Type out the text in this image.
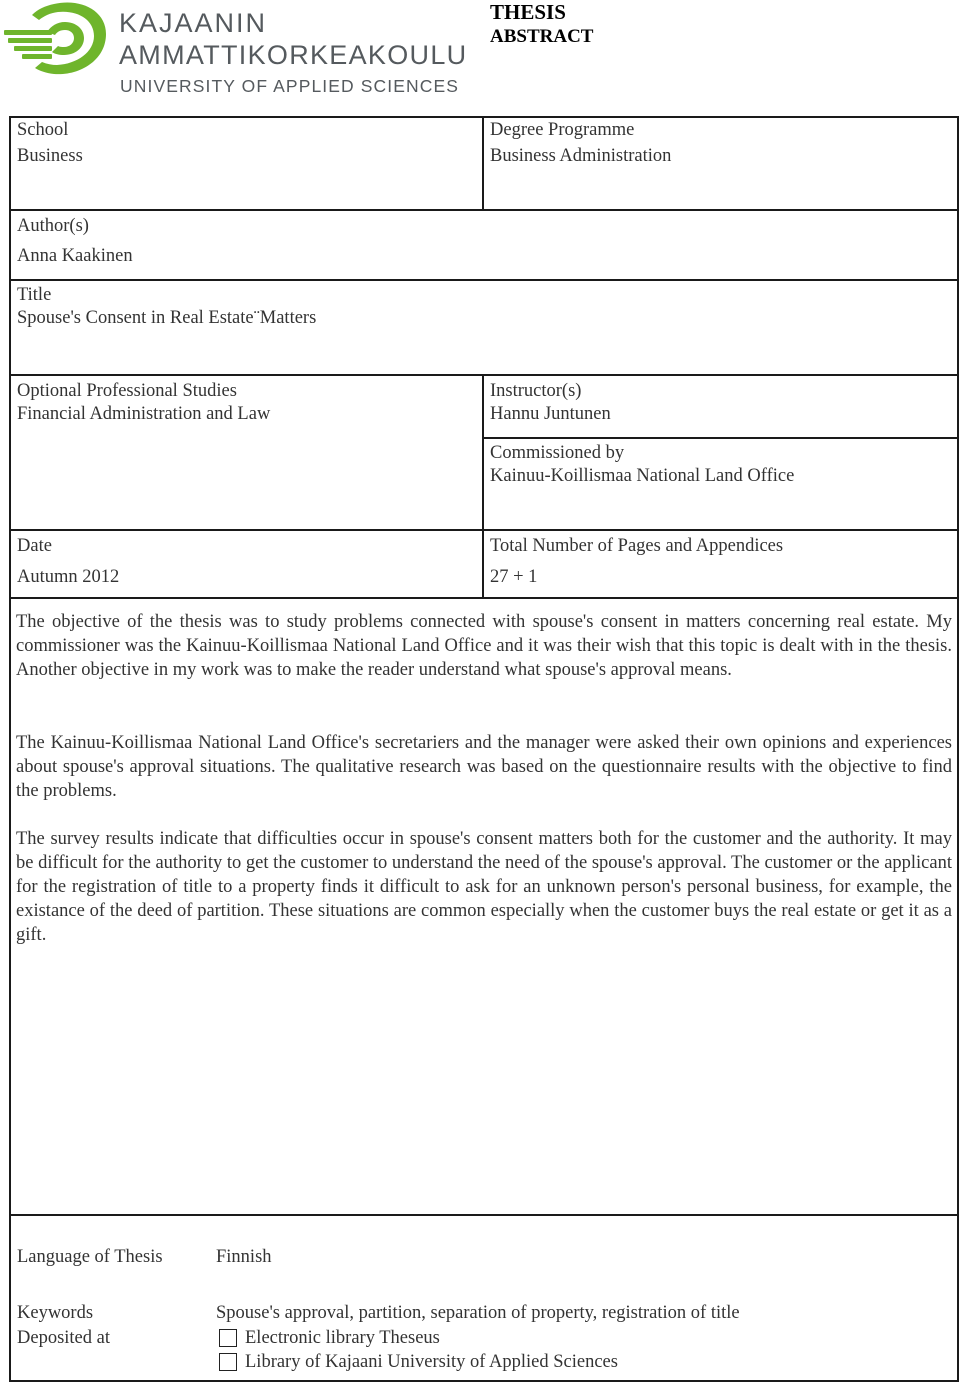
KAJAANIN
AMMATTIKORKEAKOULU
UNIVERSITY OF APPLIED SCIENCES
THESIS
ABSTRACT
School
Business
Degree Programme
Business Administration
Author(s)
Anna Kaakinen
Title
Spouse's Consent in Real Estate¨Matters
Optional Professional Studies
Financial Administration and Law
Instructor(s)
Hannu Juntunen
Commissioned by
Kainuu-Koillismaa National Land Office
Date
Autumn 2012
Total Number of Pages and Appendices
27 + 1
The objective of the thesis was to study problems connected with spouse's consent in matters concerning real estate. My commissioner was the Kainuu-Koillismaa National Land Office and it was their wish that this topic is dealt with in the thesis. Another objective in my work was to make the reader understand what spouse's approval means.
The Kainuu-Koillismaa National Land Office's secretariers and the manager were asked their own opinions and experiences about spouse's approval situations. The qualitative research was based on the questionnaire results with the objective to find the problems.
The survey results indicate that difficulties occur in spouse's consent matters both for the customer and the authority. It may be difficult for the authority to get the customer to understand the need of the spouse's approval. The customer or the applicant for the registration of title to a property finds it difficult to ask for an unknown person's personal business, for example, the existance of the deed of partition. These situations are common especially when the customer buys the real estate or get it as a gift.
Language of Thesis	Finnish
Keywords	Spouse's approval, partition, separation of property, registration of title
Deposited at	Electronic library Theseus
Library of Kajaani University of Applied Sciences
